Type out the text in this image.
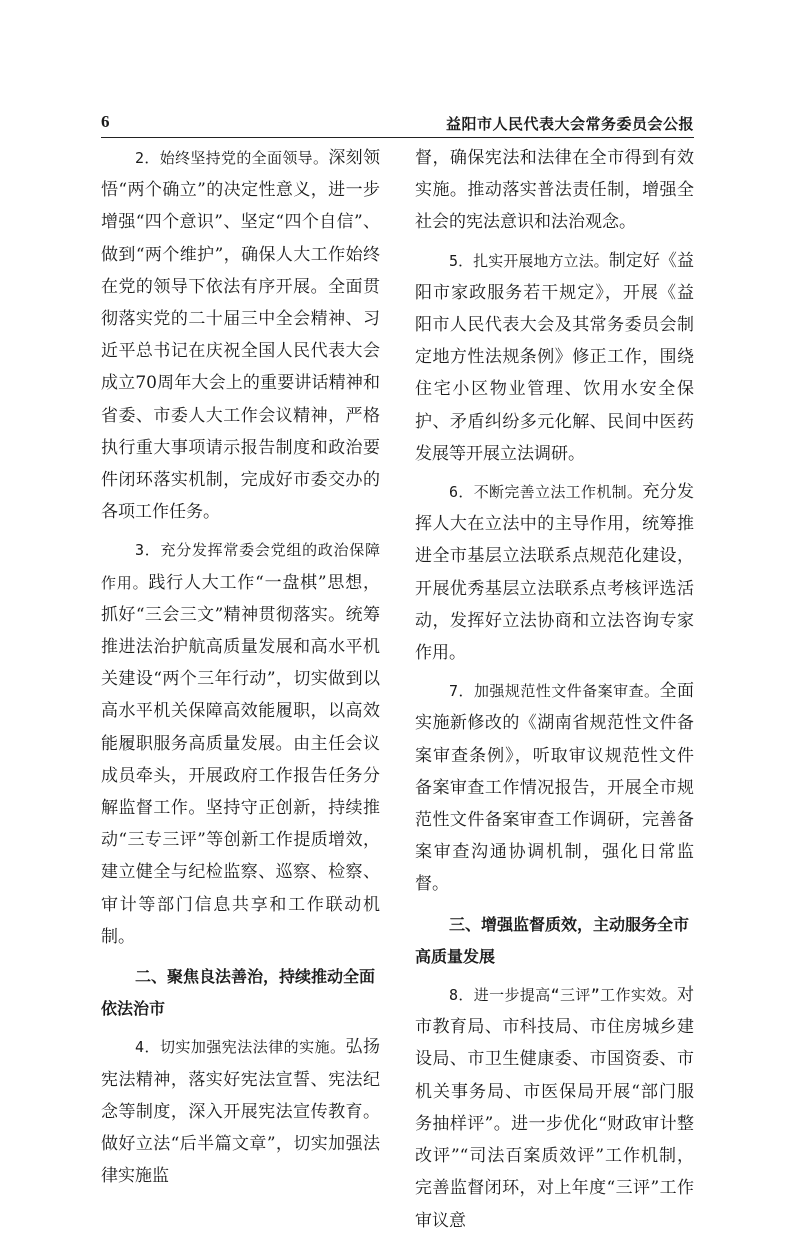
6	益阳市人民代表大会常务委员会公报

2．始终坚持党的全面领导。深刻领悟“两个确立”的决定性意义，进一步增强“四个意识”、坚定“四个自信”、做到“两个维护”，确保人大工作始终在党的领导下依法有序开展。全面贯彻落实党的二十届三中全会精神、习近平总书记在庆祝全国人民代表大会成立70周年大会上的重要讲话精神和省委、市委人大工作会议精神，严格执行重大事项请示报告制度和政治要件闭环落实机制，完成好市委交办的各项工作任务。

3．充分发挥常委会党组的政治保障作用。践行人大工作“一盘棋”思想，抓好“三会三文”精神贯彻落实。统筹推进法治护航高质量发展和高水平机关建设“两个三年行动”，切实做到以高水平机关保障高效能履职，以高效能履职服务高质量发展。由主任会议成员牵头，开展政府工作报告任务分解监督工作。坚持守正创新，持续推动“三专三评”等创新工作提质增效，建立健全与纪检监察、巡察、检察、审计等部门信息共享和工作联动机制。

二、聚焦良法善治，持续推动全面依法治市

4．切实加强宪法法律的实施。弘扬宪法精神，落实好宪法宣誓、宪法纪念等制度，深入开展宪法宣传教育。做好立法“后半篇文章”，切实加强法律实施监

督，确保宪法和法律在全市得到有效实施。推动落实普法责任制，增强全社会的宪法意识和法治观念。

5．扎实开展地方立法。制定好《益阳市家政服务若干规定》，开展《益阳市人民代表大会及其常务委员会制定地方性法规条例》修正工作，围绕住宅小区物业管理、饮用水安全保护、矛盾纠纷多元化解、民间中医药发展等开展立法调研。

6．不断完善立法工作机制。充分发挥人大在立法中的主导作用，统筹推进全市基层立法联系点规范化建设，开展优秀基层立法联系点考核评选活动，发挥好立法协商和立法咨询专家作用。

7．加强规范性文件备案审查。全面实施新修改的《湖南省规范性文件备案审查条例》，听取审议规范性文件备案审查工作情况报告，开展全市规范性文件备案审查工作调研，完善备案审查沟通协调机制，强化日常监督。

三、增强监督质效，主动服务全市高质量发展

8．进一步提高“三评”工作实效。对市教育局、市科技局、市住房城乡建设局、市卫生健康委、市国资委、市机关事务局、市医保局开展“部门服务抽样评”。进一步优化“财政审计整改评”“司法百案质效评”工作机制，完善监督闭环，对上年度“三评”工作审议意
